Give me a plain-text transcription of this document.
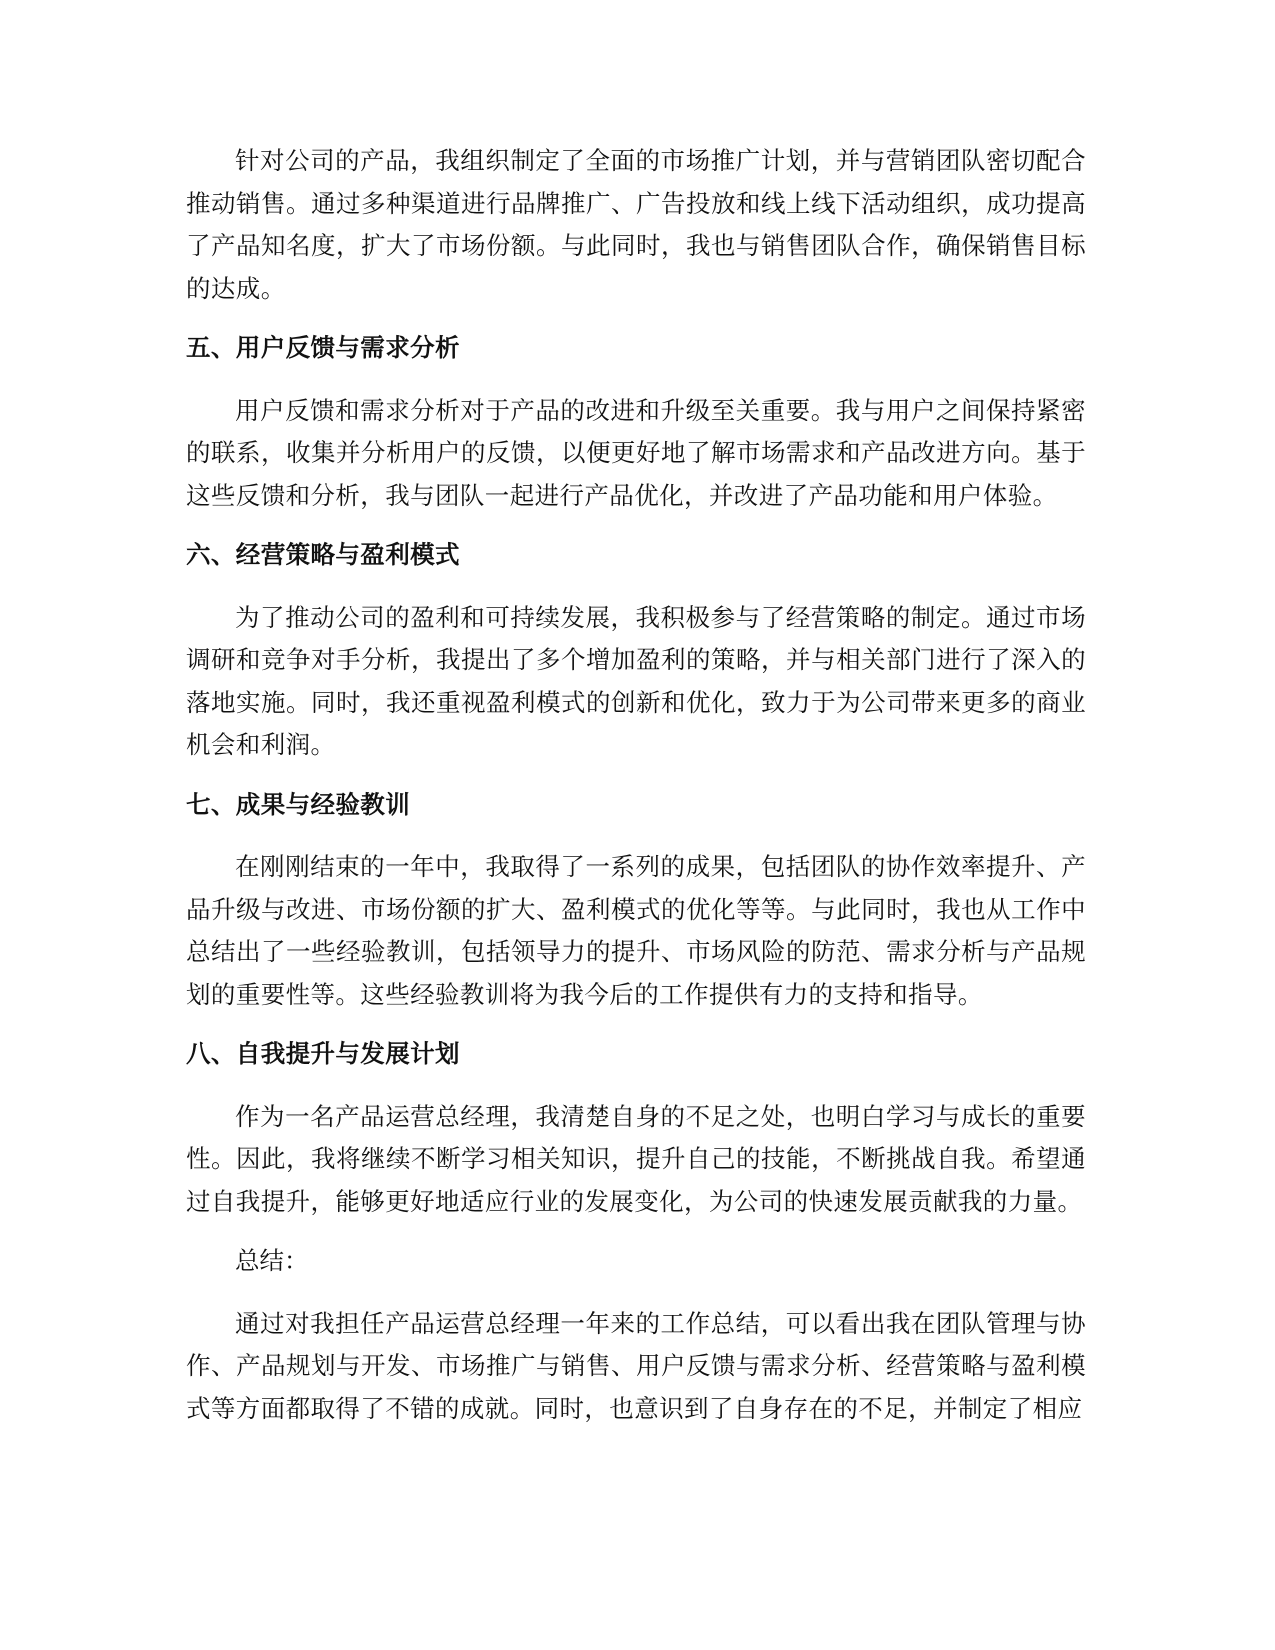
针对公司的产品，我组织制定了全面的市场推广计划，并与营销团队密切配合推动销售。通过多种渠道进行品牌推广、广告投放和线上线下活动组织，成功提高了产品知名度，扩大了市场份额。与此同时，我也与销售团队合作，确保销售目标的达成。

五、用户反馈与需求分析

用户反馈和需求分析对于产品的改进和升级至关重要。我与用户之间保持紧密的联系，收集并分析用户的反馈，以便更好地了解市场需求和产品改进方向。基于这些反馈和分析，我与团队一起进行产品优化，并改进了产品功能和用户体验。

六、经营策略与盈利模式

为了推动公司的盈利和可持续发展，我积极参与了经营策略的制定。通过市场调研和竞争对手分析，我提出了多个增加盈利的策略，并与相关部门进行了深入的落地实施。同时，我还重视盈利模式的创新和优化，致力于为公司带来更多的商业机会和利润。

七、成果与经验教训

在刚刚结束的一年中，我取得了一系列的成果，包括团队的协作效率提升、产品升级与改进、市场份额的扩大、盈利模式的优化等等。与此同时，我也从工作中总结出了一些经验教训，包括领导力的提升、市场风险的防范、需求分析与产品规划的重要性等。这些经验教训将为我今后的工作提供有力的支持和指导。

八、自我提升与发展计划

作为一名产品运营总经理，我清楚自身的不足之处，也明白学习与成长的重要性。因此，我将继续不断学习相关知识，提升自己的技能，不断挑战自我。希望通过自我提升，能够更好地适应行业的发展变化，为公司的快速发展贡献我的力量。

总结：

通过对我担任产品运营总经理一年来的工作总结，可以看出我在团队管理与协作、产品规划与开发、市场推广与销售、用户反馈与需求分析、经营策略与盈利模式等方面都取得了不错的成就。同时，也意识到了自身存在的不足，并制定了相应
